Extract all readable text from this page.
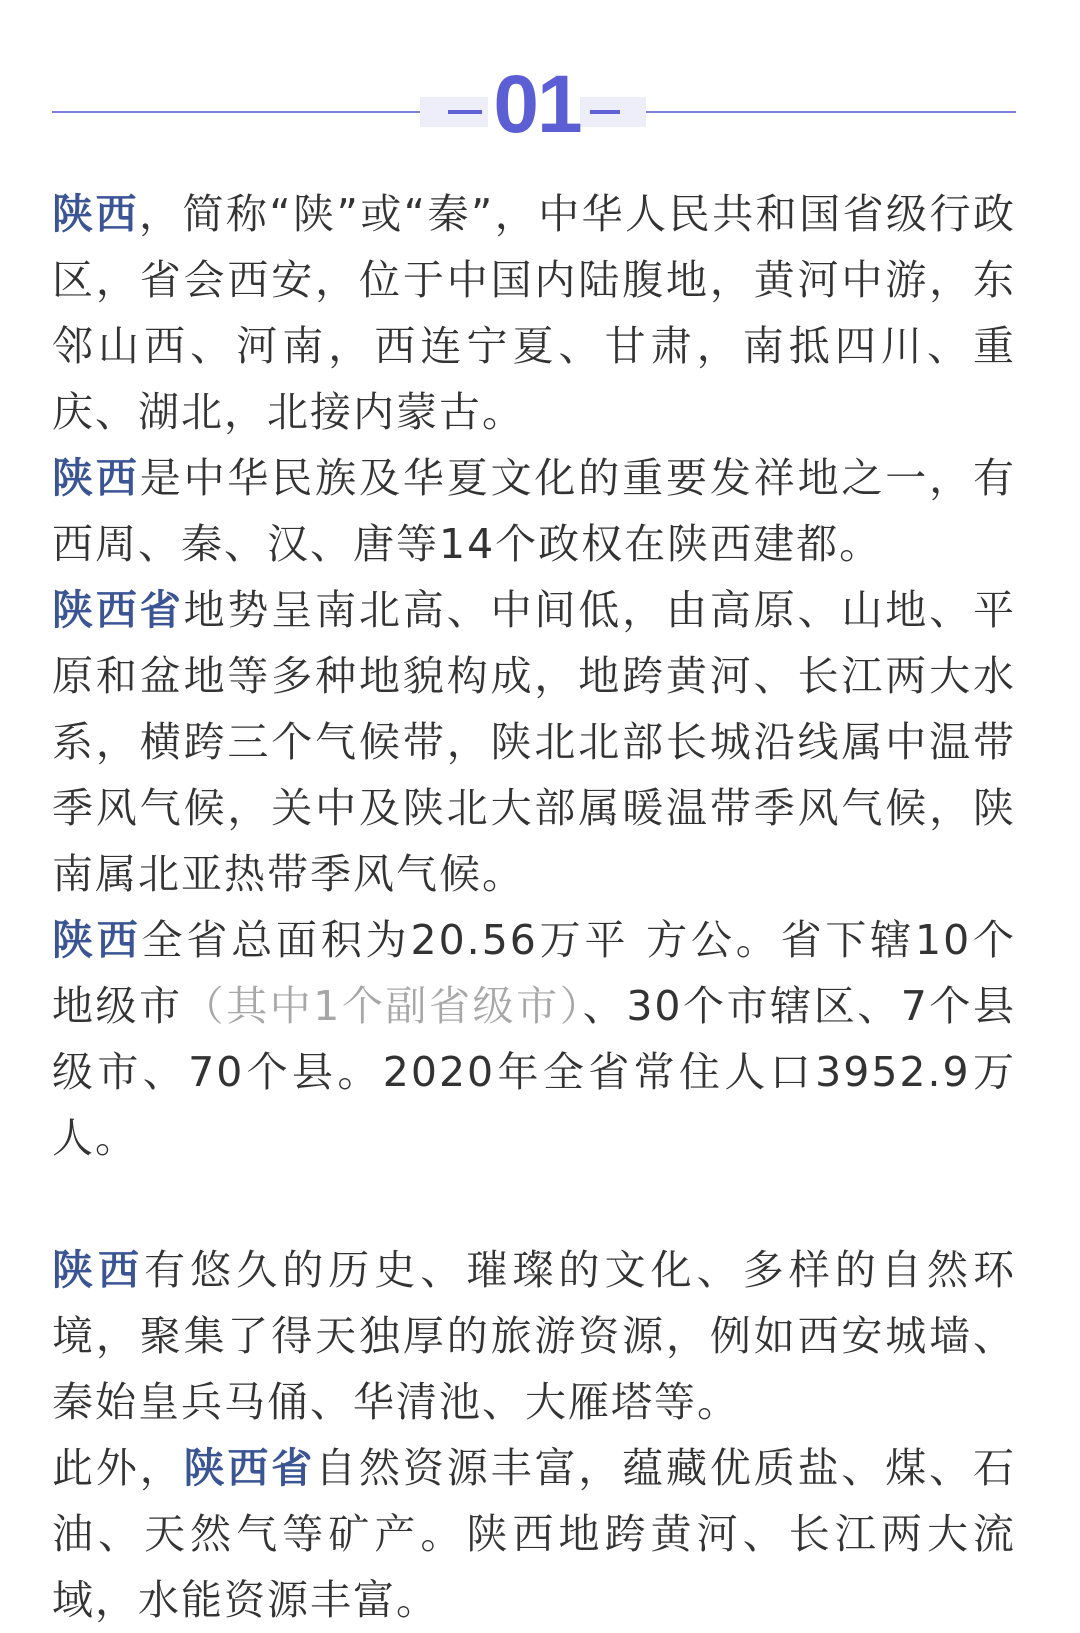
01

陕西，简称“陕”或“秦”，中华人民共和国省级行政区，省会西安，位于中国内陆腹地，黄河中游，东邻山西、河南，西连宁夏、甘肃，南抵四川、重庆、湖北，北接内蒙古。

陕西是中华民族及华夏文化的重要发祥地之一，有西周、秦、汉、唐等14个政权在陕西建都。

陕西省地势呈南北高、中间低，由高原、山地、平原和盆地等多种地貌构成，地跨黄河、长江两大水系，横跨三个气候带，陕北北部长城沿线属中温带季风气候，关中及陕北大部属暖温带季风气候，陕南属北亚热带季风气候。

陕西全省总面积为20.56万平 方公。省下辖10个地级市（其中1个副省级市）、30个市辖区、7个县级市、70个县。2020年全省常住人口3952.9万人。

陕西有悠久的历史、璀璨的文化、多样的自然环境，聚集了得天独厚的旅游资源，例如西安城墙、秦始皇兵马俑、华清池、大雁塔等。

此外，陕西省自然资源丰富，蕴藏优质盐、煤、石油、天然气等矿产。陕西地跨黄河、长江两大流域，水能资源丰富。
